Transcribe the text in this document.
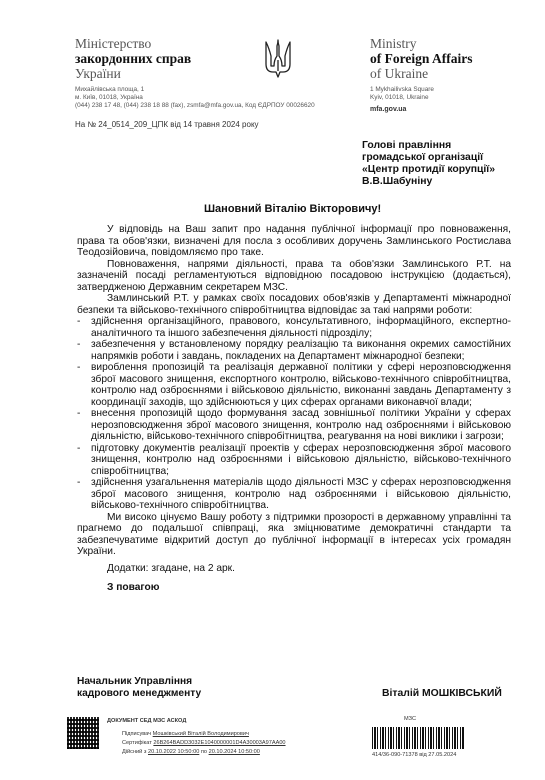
Міністерство
закордонних справ
України
Михайлівська площа, 1
м. Київ, 01018, Україна
(044) 238 17 48, (044) 238 18 88 (fax), zsmfa@mfa.gov.ua, Код ЄДРПОУ 00026620
Ministry
of Foreign Affairs
of Ukraine
1 Mykhailivska Square
Kyiv, 01018, Ukraine
mfa.gov.ua
На № 24_0514_209_ЦПК від 14 травня 2024 року
Голові правління
громадської організації
«Центр протидії корупції»
В.В.Шабуніну
Шановний Віталію Вікторовичу!

У відповідь на Ваш запит про надання публічної інформації про повноваження, права та обов'язки, визначені для посла з особливих доручень Замлинського Ростислава Теодозійовича, повідомляємо про таке.

Повноваження, напрями діяльності, права та обов'язки Замлинського Р.Т. на зазначеній посаді регламентуються відповідною посадовою інструкцією (додається), затвердженою Державним секретарем МЗС.

Замлинський Р.Т. у рамках своїх посадових обов'язків у Департаменті міжнародної безпеки та військово-технічного співробітництва відповідає за такі напрями роботи:

- здійснення організаційного, правового, консультативного, інформаційного, експертно-аналітичного та іншого забезпечення діяльності підрозділу;
- забезпечення у встановленому порядку реалізацію та виконання окремих самостійних напрямків роботи і завдань, покладених на Департамент міжнародної безпеки;
- вироблення пропозицій та реалізація державної політики у сфері нерозповсюдження зброї масового знищення, експортного контролю, військово-технічного співробітництва, контролю над озброєннями і військовою діяльністю, виконанні завдань Департаменту з координації заходів, що здійснюються у цих сферах органами виконавчої влади;
- внесення пропозицій щодо формування засад зовнішньої політики України у сферах нерозповсюдження зброї масового знищення, контролю над озброєннями і військовою діяльністю, військово-технічного співробітництва, реагування на нові виклики і загрози;
- підготовку документів реалізації проектів у сферах нерозповсюдження зброї масового знищення, контролю над озброєннями і військовою діяльністю, військово-технічного співробітництва;
- здійснення узагальнення матеріалів щодо діяльності МЗС у сферах нерозповсюдження зброї масового знищення, контролю над озброєннями і військовою діяльністю, військово-технічного співробітництва.

Ми високо цінуємо Вашу роботу з підтримки прозорості в державному управлінні та прагнемо до подальшої співпраці, яка зміцнюватиме демократичні стандарти та забезпечуватиме відкритий доступ до публічної інформації в інтересах усіх громадян України.

Додатки: згадане, на 2 арк.

З повагою

Начальник Управління
кадрового менеджменту	Віталій МОШКІВСЬКИЙ
ДОКУМЕНТ СЕД МЗС АСКОД
Підписувач Мошківський Віталій Володимирович
Сертифікат 26B264BADD3032E1040000001D4A30003A97AA00
Дійсний з 20.10.2022 10:50:00 по 20.10.2024 10:50:00
МЗС
414/36-090-71378 від 27.05.2024
